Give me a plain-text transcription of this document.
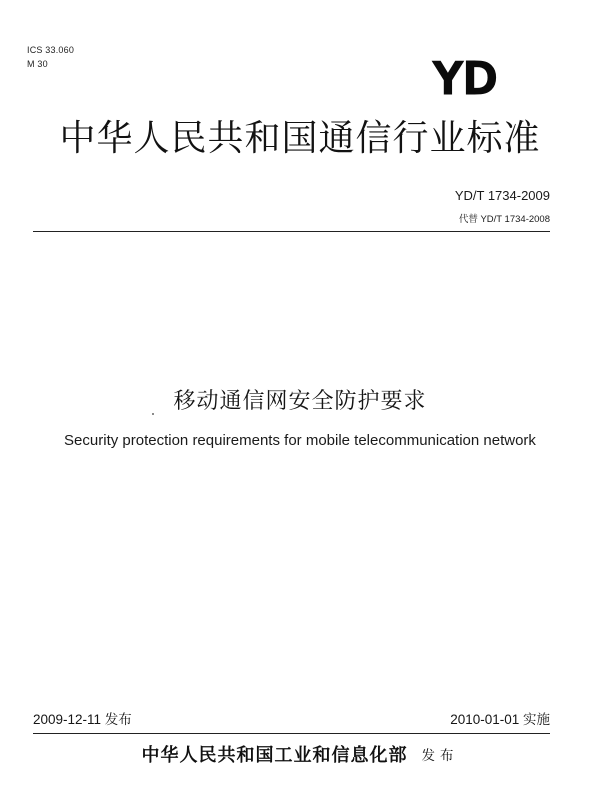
ICS 33.060
M 30	YD
中华人民共和国通信行业标准
YD/T 1734-2009
代替 YD/T 1734-2008
移动通信网安全防护要求
Security protection requirements for mobile telecommunication network
2009-12-11 发布	2010-01-01 实施
中华人民共和国工业和信息化部 发布
